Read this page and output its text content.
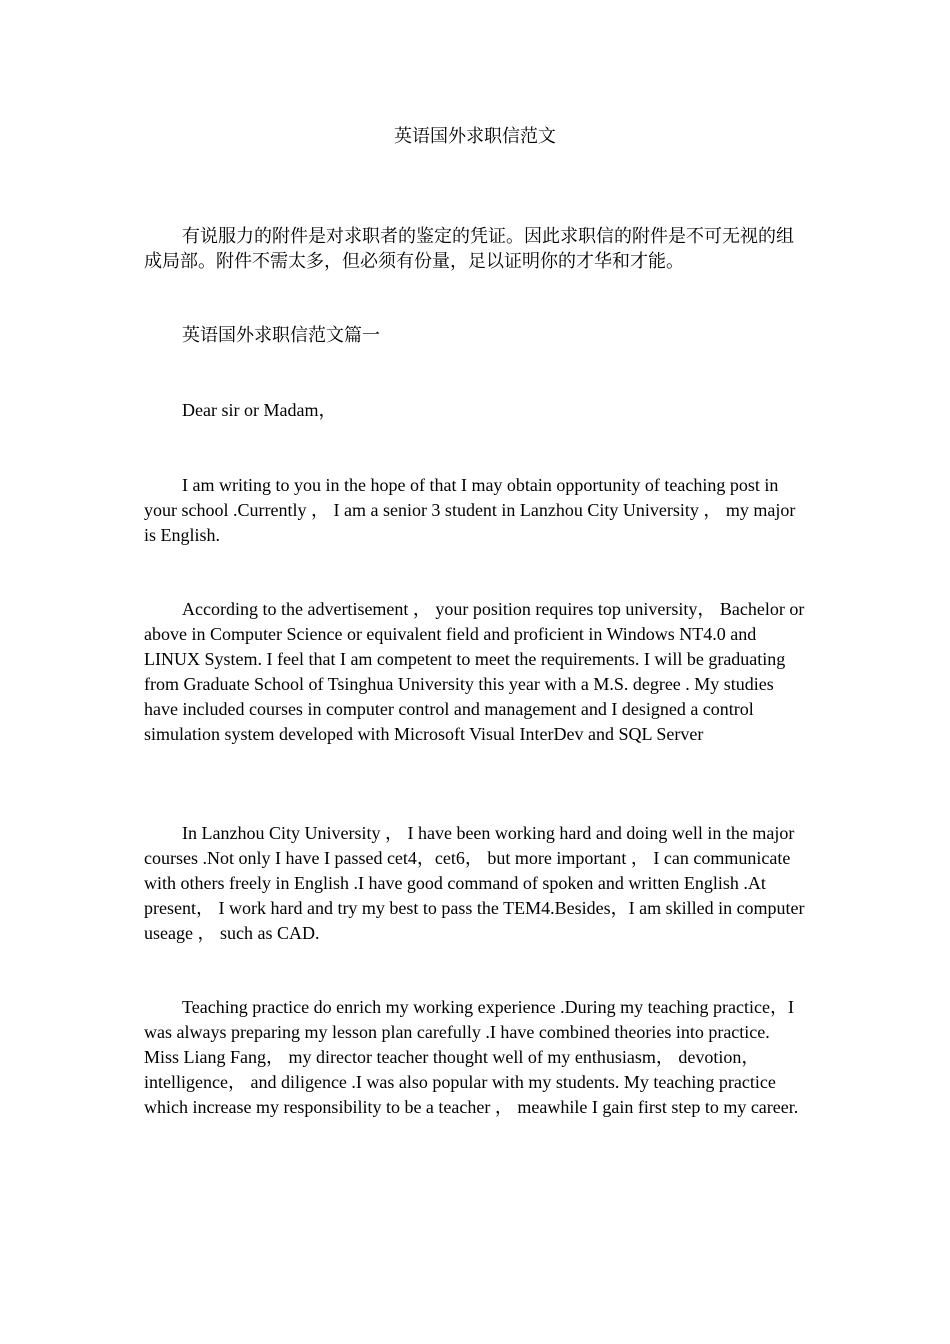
英语国外求职信范文

有说服力的附件是对求职者的鉴定的凭证。因此求职信的附件是不可无视的组成局部。附件不需太多，但必须有份量，足以证明你的才华和才能。

英语国外求职信范文篇一

Dear sir or Madam，

I am writing to you in the hope of that I may obtain opportunity of teaching post in your school .Currently ， I am a senior 3 student in Lanzhou City University ， my major is English.

According to the advertisement ， your position requires top university， Bachelor or above in Computer Science or equivalent field and proficient in Windows NT4.0 and LINUX System. I feel that I am competent to meet the requirements. I will be graduating from Graduate School of Tsinghua University this year with a M.S. degree . My studies have included courses in computer control and management and I designed a control simulation system developed with Microsoft Visual InterDev and SQL Server

In Lanzhou City University ， I have been working hard and doing well in the major courses .Not only I have I passed cet4，cet6， but more important ， I can communicate with others freely in English .I have good command of spoken and written English .At present， I work hard and try my best to pass the TEM4.Besides，I am skilled in computer useage ， such as CAD.

Teaching practice do enrich my working experience .During my teaching practice，I was always preparing my lesson plan carefully .I have combined theories into practice. Miss Liang Fang， my director teacher thought well of my enthusiasm， devotion， intelligence， and diligence .I was also popular with my students. My teaching practice which increase my responsibility to be a teacher ， meawhile I gain first step to my career.
